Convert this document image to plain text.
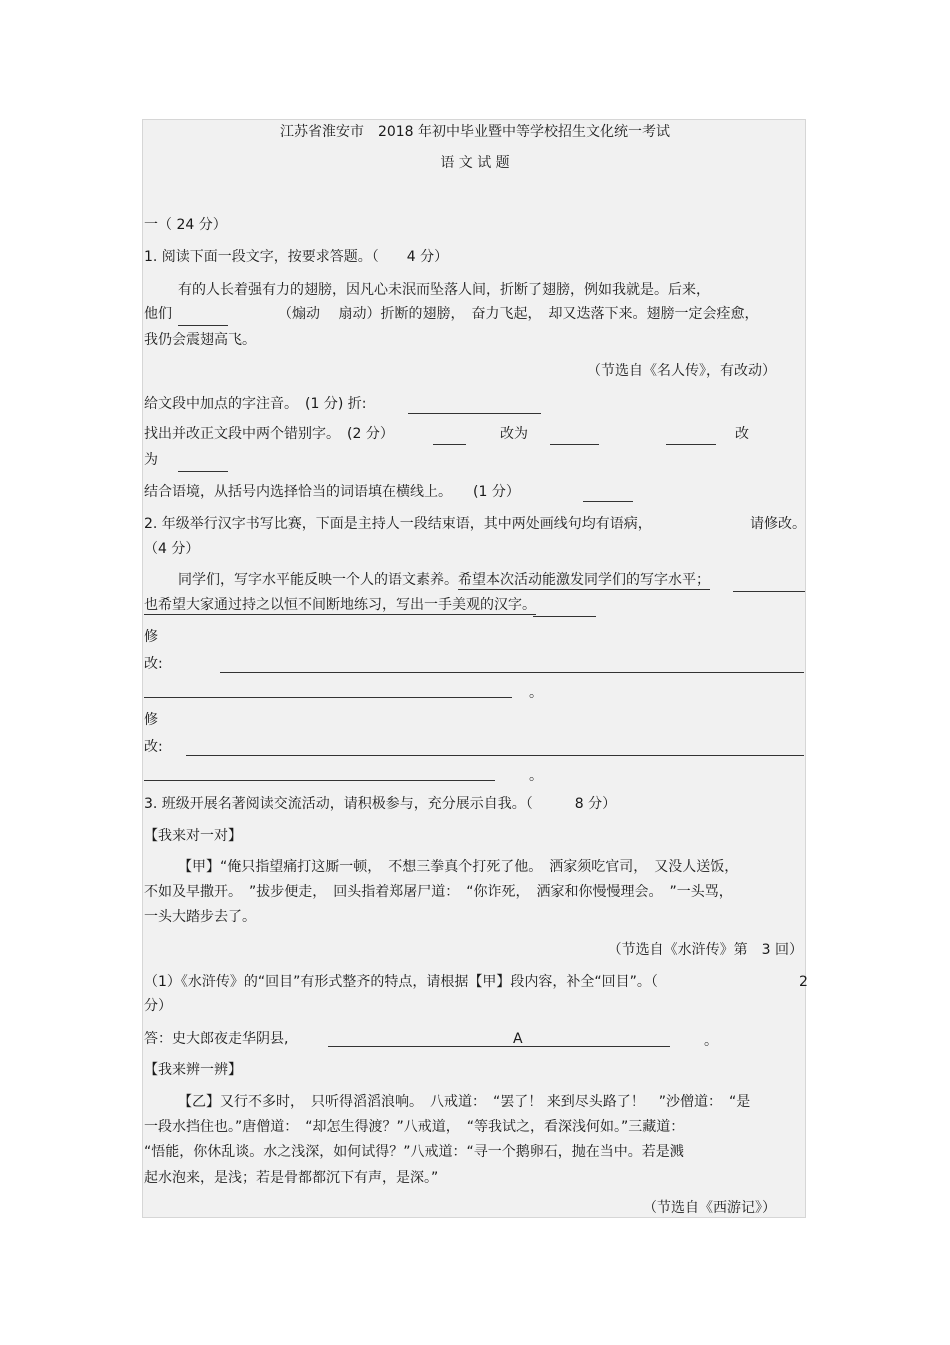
江苏省淮安市　2018 年初中毕业暨中等学校招生文化统一考试
语 文 试 题
一（ 24 分）
1. 阅读下面一段文字，按要求答题。（　　4 分）
有的人长着强有力的翅膀，因凡心未泯而坠落人间，折断了翅膀，例如我就是。后来，
他们	（煽动　 扇动）折断的翅膀，　奋力飞起，　却又迭落下来。翅膀一定会痊愈，
我仍会震翅高飞。
（节选自《名人传》，有改动）
给文段中加点的字注音。　(1 分) 折:
找出并改正文段中两个错别字。　(2 分）	改为	改
为
结合语境，从括号内选择恰当的词语填在横线上。　　(1 分）
2. 年级举行汉字书写比赛，下面是主持人一段结束语，其中两处画线句均有语病，	请修改。
（4 分）
同学们，写字水平能反映一个人的语文素养。希望本次活动能激发同学们的写字水平；
也希望大家通过持之以恒不间断地练习，写出一手美观的汉字。
修
改:
。
修
改:
。
3. 班级开展名著阅读交流活动，请积极参与，充分展示自我。（　　　8 分）
【我来对一对】
【甲】“俺只指望痛打这厮一顿，　不想三拳真个打死了他。　洒家须吃官司，　又没人送饭，
不如及早撒开。　”拔步便走，　回头指着郑屠尸道：　“你诈死，　洒家和你慢慢理会。　”一头骂，
一头大踏步去了。
（节选自《水浒传》第　3 回）
（1）《水浒传》的“回目”有形式整齐的特点，请根据【甲】段内容，补全“回目”。（	2
分）
答：史大郎夜走华阴县,	A	。
【我来辨一辨】
【乙】又行不多时，　只听得滔滔浪响。　八戒道：　“罢了！ 来到尽头路了！　”沙僧道：　“是
一段水挡住也。”唐僧道：　“却怎生得渡？”八戒道，　“等我试之，看深浅何如。”三藏道：
“悟能，你休乱谈。水之浅深，如何试得？”八戒道：“寻一个鹅卵石，抛在当中。若是溅
起水泡来，是浅；若是骨都都沉下有声，是深。”
（节选自《西游记》）
